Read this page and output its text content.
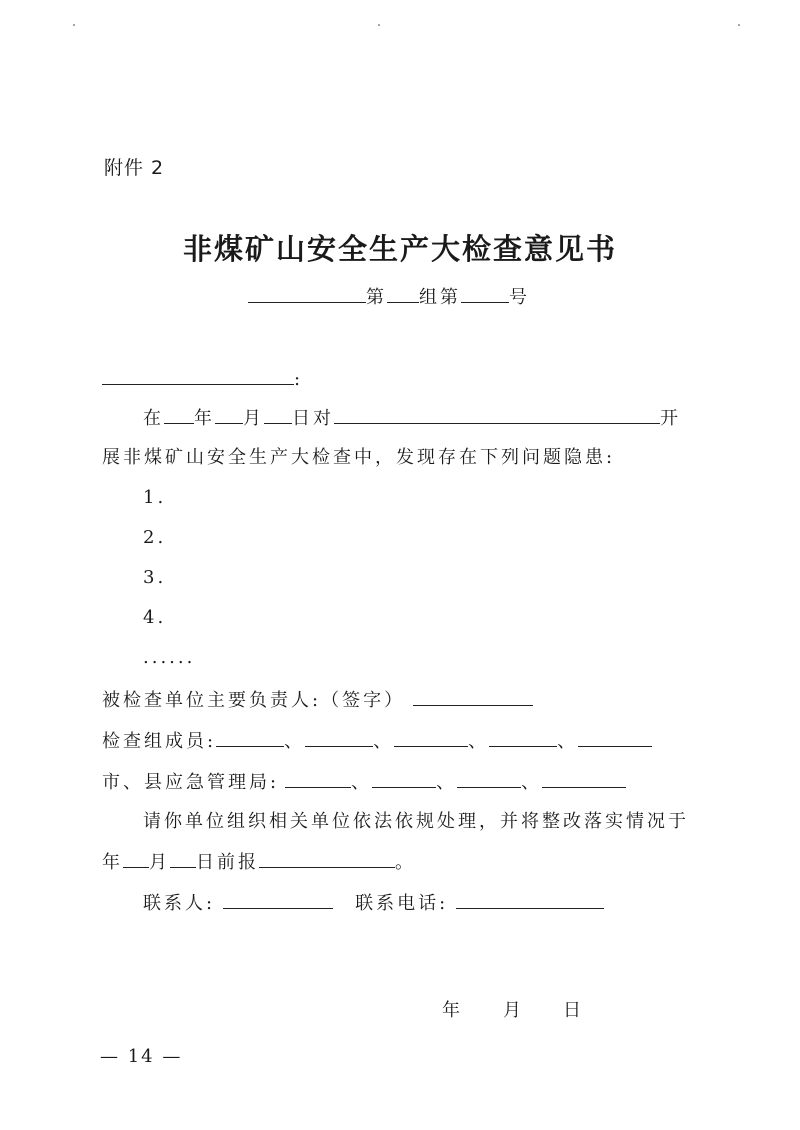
附件 2
非煤矿山安全生产大检查意见书
第 组第	号
:
在 年 月 日对	开
展非煤矿山安全生产大检查中，发现存在下列问题隐患:
1.
2.
3.
4.
......
被检查单位主要负责人:（签字）
检查组成员:	、	、	、	、
市、县应急管理局:	、	、	、
请你单位组织相关单位依法依规处理，并将整改落实情况于
年 月 日前报	。
联系人:	联系电话:
年 月 日
— 14 —
